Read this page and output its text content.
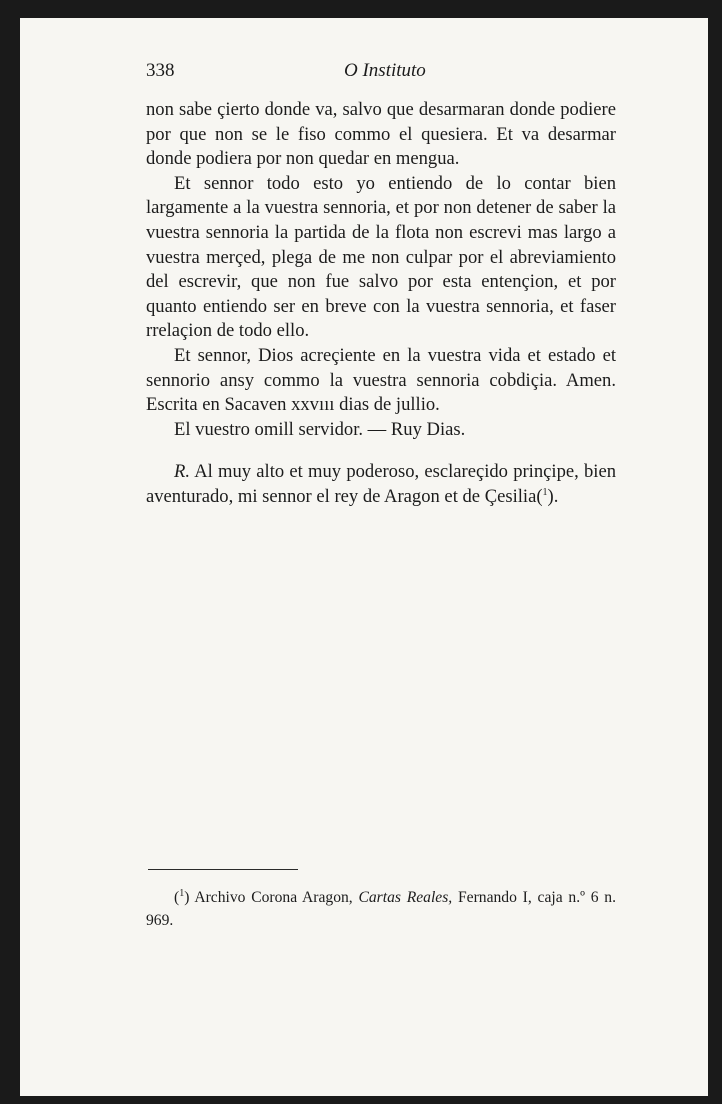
338	O Instituto

non sabe çierto donde va, salvo que desarmaran donde podiere por que non se le fiso commo el quesiera. Et va desarmar donde podiera por non quedar en mengua.

Et sennor todo esto yo entiendo de lo contar bien largamente a la vuestra sennoria, et por non detener de saber la vuestra sennoria la partida de la flota non escrevi mas largo a vuestra merçed, plega de me non culpar por el abreviamiento del escrevir, que non fue salvo por esta entençion, et por quanto entiendo ser en breve con la vuestra sennoria, et faser rrelaçion de todo ello.

Et sennor, Dios acreçiente en la vuestra vida et estado et sennorio ansy commo la vuestra sennoria cobdiçia. Amen. Escrita en Sacaven xxvııı dias de jullio.

El vuestro omill servidor. — Ruy Dias.

R. Al muy alto et muy poderoso, esclareçido prinçipe, bien aventurado, mi sennor el rey de Aragon et de Çesilia($^1$).

($^1$) Archivo Corona Aragon, Cartas Reales, Fernando I, caja n.º 6 n. 969.
